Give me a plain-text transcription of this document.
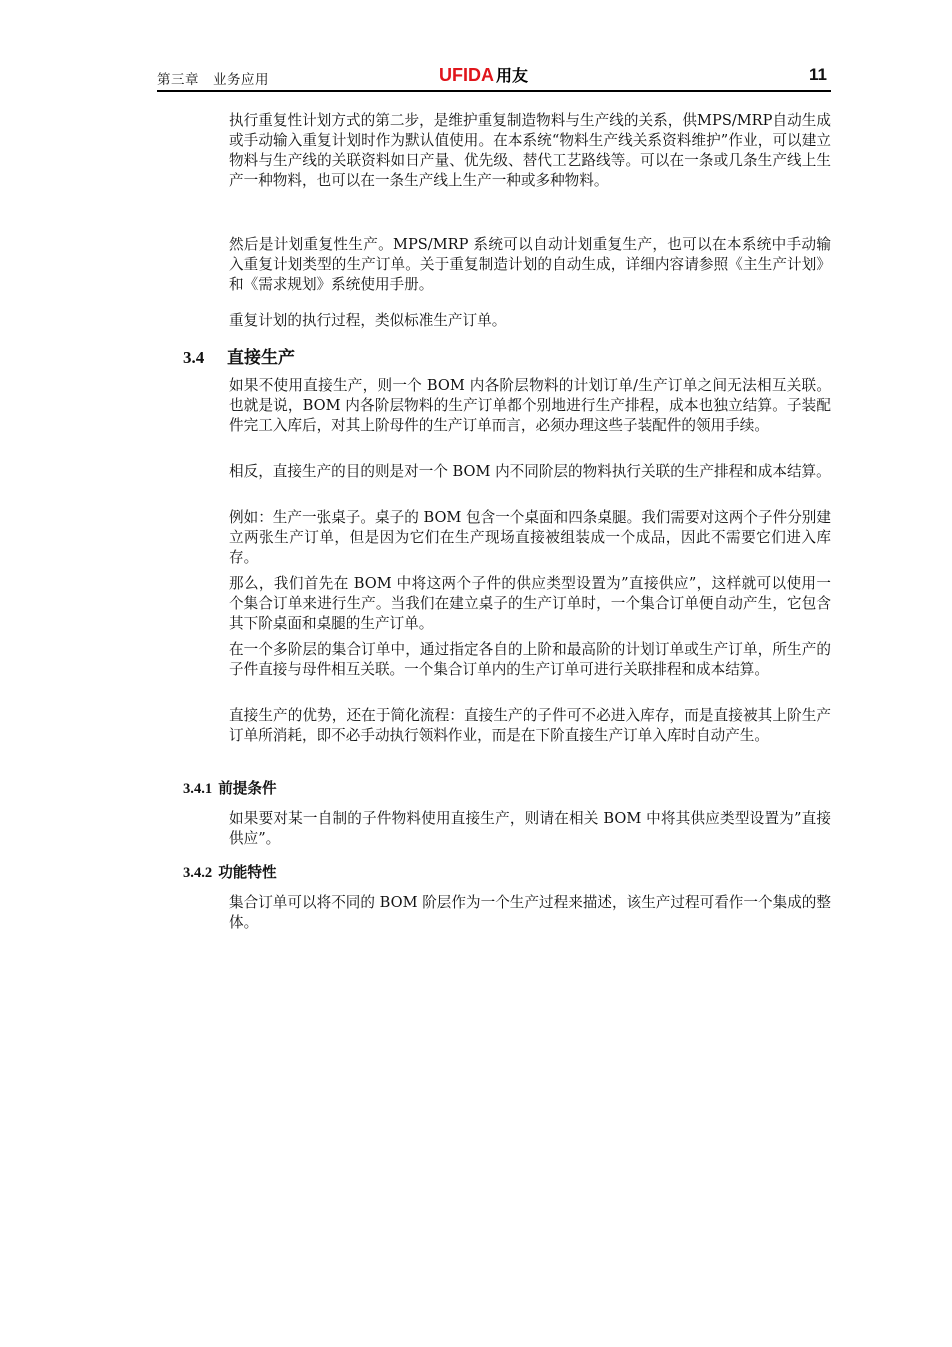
第三章　业务应用	UFIDA 用友	11

执行重复性计划方式的第二步，是维护重复制造物料与生产线的关系，供MPS/MRP自动生成或手动输入重复计划时作为默认值使用。在本系统“物料生产线关系资料维护”作业，可以建立物料与生产线的关联资料如日产量、优先级、替代工艺路线等。可以在一条或几条生产线上生产一种物料，也可以在一条生产线上生产一种或多种物料。

然后是计划重复性生产。MPS/MRP 系统可以自动计划重复生产，也可以在本系统中手动输入重复计划类型的生产订单。关于重复制造计划的自动生成，详细内容请参照《主生产计划》和《需求规划》系统使用手册。

重复计划的执行过程，类似标准生产订单。

3.4 直接生产

如果不使用直接生产，则一个 BOM 内各阶层物料的计划订单/生产订单之间无法相互关联。也就是说，BOM 内各阶层物料的生产订单都个别地进行生产排程，成本也独立结算。子装配件完工入库后，对其上阶母件的生产订单而言，必须办理这些子装配件的领用手续。

相反，直接生产的目的则是对一个 BOM 内不同阶层的物料执行关联的生产排程和成本结算。

例如：生产一张桌子。桌子的 BOM 包含一个桌面和四条桌腿。我们需要对这两个子件分别建立两张生产订单，但是因为它们在生产现场直接被组装成一个成品，因此不需要它们进入库存。

那么，我们首先在 BOM 中将这两个子件的供应类型设置为”直接供应”，这样就可以使用一个集合订单来进行生产。当我们在建立桌子的生产订单时，一个集合订单便自动产生，它包含其下阶桌面和桌腿的生产订单。

在一个多阶层的集合订单中，通过指定各自的上阶和最高阶的计划订单或生产订单，所生产的子件直接与母件相互关联。一个集合订单内的生产订单可进行关联排程和成本结算。

直接生产的优势，还在于简化流程：直接生产的子件可不必进入库存，而是直接被其上阶生产订单所消耗，即不必手动执行领料作业，而是在下阶直接生产订单入库时自动产生。

3.4.1 前提条件

如果要对某一自制的子件物料使用直接生产，则请在相关 BOM 中将其供应类型设置为”直接供应”。

3.4.2 功能特性

集合订单可以将不同的 BOM 阶层作为一个生产过程来描述，该生产过程可看作一个集成的整体。
